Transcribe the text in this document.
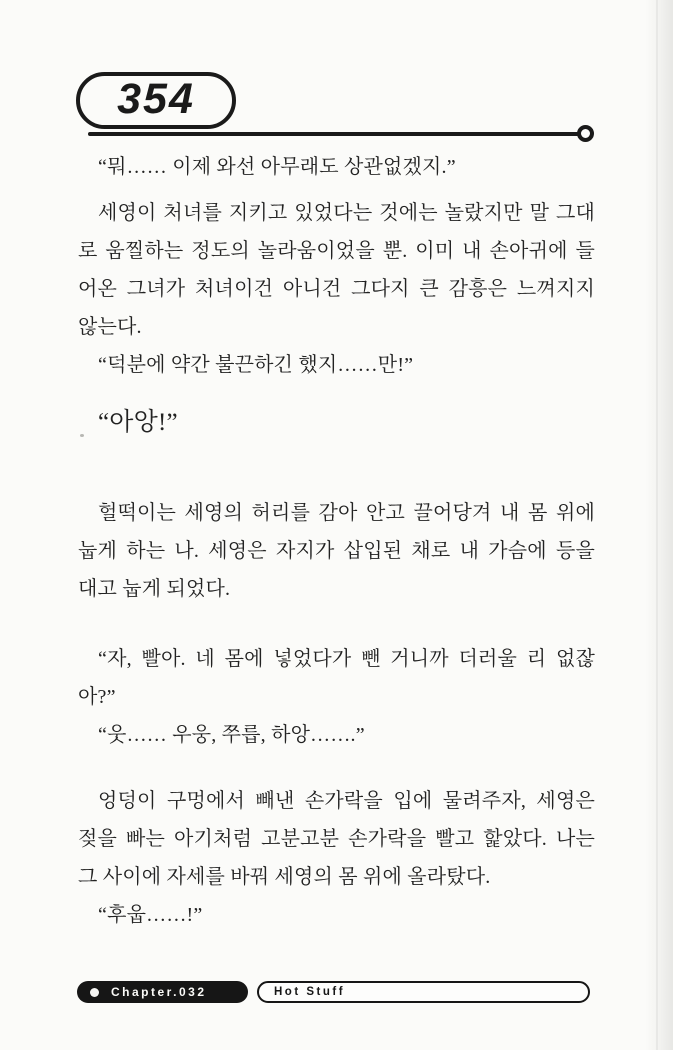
354
“뭐…… 이제 와선 아무래도 상관없겠지.”
세영이 처녀를 지키고 있었다는 것에는 놀랐지만 말 그대
로 움찔하는 정도의 놀라움이었을 뿐. 이미 내 손아귀에 들
어온 그녀가 처녀이건 아니건 그다지 큰 감흥은 느껴지지
않는다.
“덕분에 약간 불끈하긴 했지……만!”
“아앙!”
헐떡이는 세영의 허리를 감아 안고 끌어당겨 내 몸 위에
눕게 하는 나. 세영은 자지가 삽입된 채로 내 가슴에 등을
대고 눕게 되었다.
“자, 빨아. 네 몸에 넣었다가 뺀 거니까 더러울 리 없잖
아?”
“웃…… 우웅, 쭈릅, 하앙…….”
엉덩이 구멍에서 빼낸 손가락을 입에 물려주자, 세영은
젖을 빠는 아기처럼 고분고분 손가락을 빨고 핥았다. 나는
그 사이에 자세를 바꿔 세영의 몸 위에 올라탔다.
“후웁……!”
Chapter.032	Hot Stuff
